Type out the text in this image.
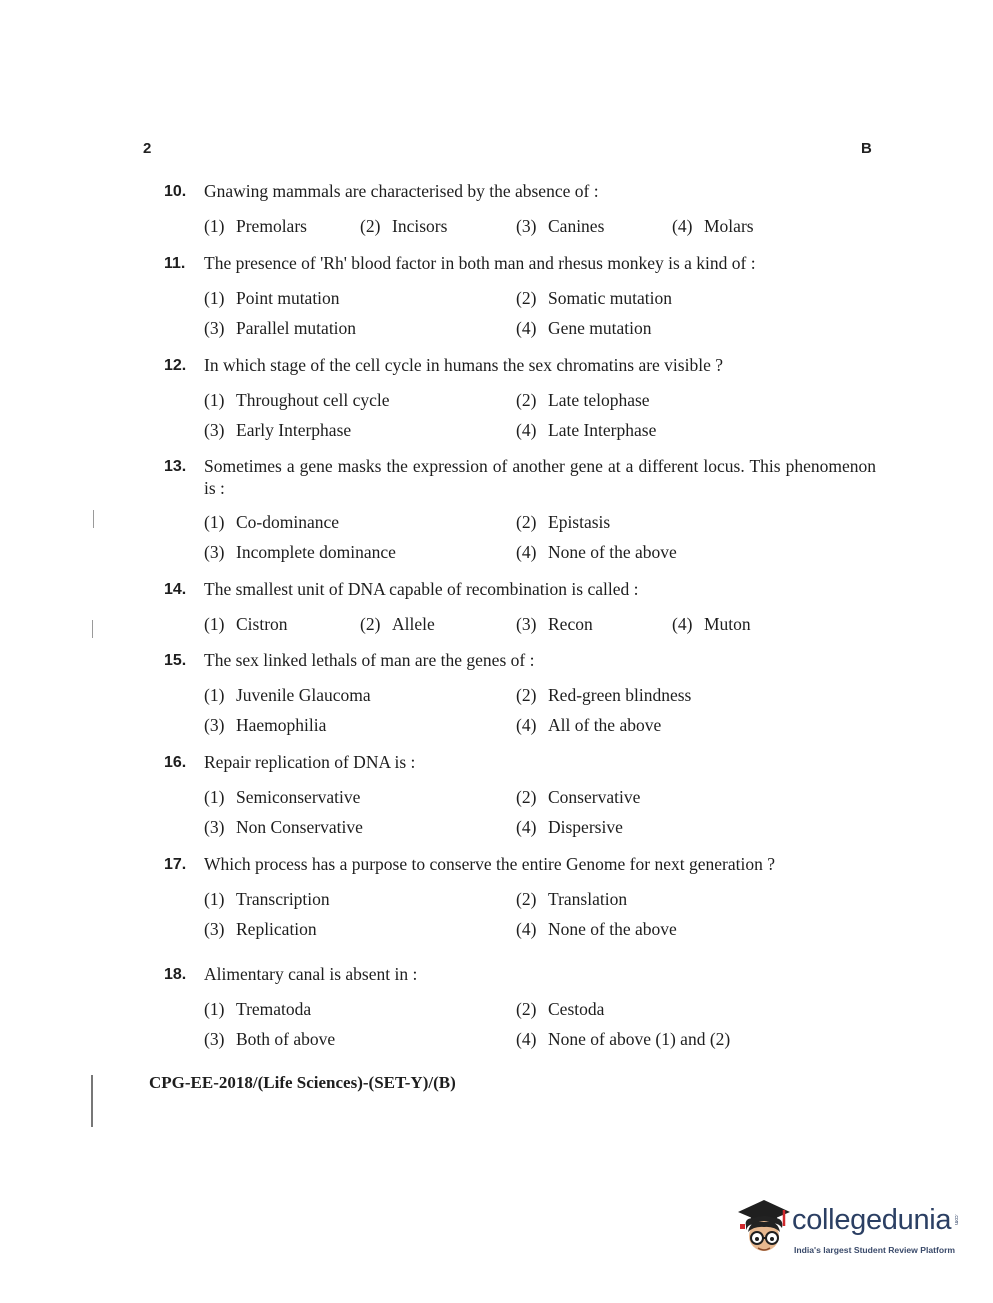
2	B
10.	Gnawing mammals are characterised by the absence of :
(1) Premolars	(2) Incisors	(3) Canines	(4) Molars
11.	The presence of 'Rh' blood factor in both man and rhesus monkey is a kind of :
(1) Point mutation	(2) Somatic mutation
(3) Parallel mutation	(4) Gene mutation
12.	In which stage of the cell cycle in humans the sex chromatins are visible ?
(1) Throughout cell cycle	(2) Late telophase
(3) Early Interphase	(4) Late Interphase
13.	Sometimes a gene masks the expression of another gene at a different locus. This phenomenon is :
(1) Co-dominance	(2) Epistasis
(3) Incomplete dominance	(4) None of the above
14.	The smallest unit of DNA capable of recombination is called :
(1) Cistron	(2) Allele	(3) Recon	(4) Muton
15.	The sex linked lethals of man are the genes of :
(1) Juvenile Glaucoma	(2) Red-green blindness
(3) Haemophilia	(4) All of the above
16.	Repair replication of DNA is :
(1) Semiconservative	(2) Conservative
(3) Non Conservative	(4) Dispersive
17.	Which process has a purpose to conserve the entire Genome for next generation ?
(1) Transcription	(2) Translation
(3) Replication	(4) None of the above
18.	Alimentary canal is absent in :
(1) Trematoda	(2) Cestoda
(3) Both of above	(4) None of above (1) and (2)
CPG-EE-2018/(Life Sciences)-(SET-Y)/(B)
collegedunia .com
India's largest Student Review Platform
